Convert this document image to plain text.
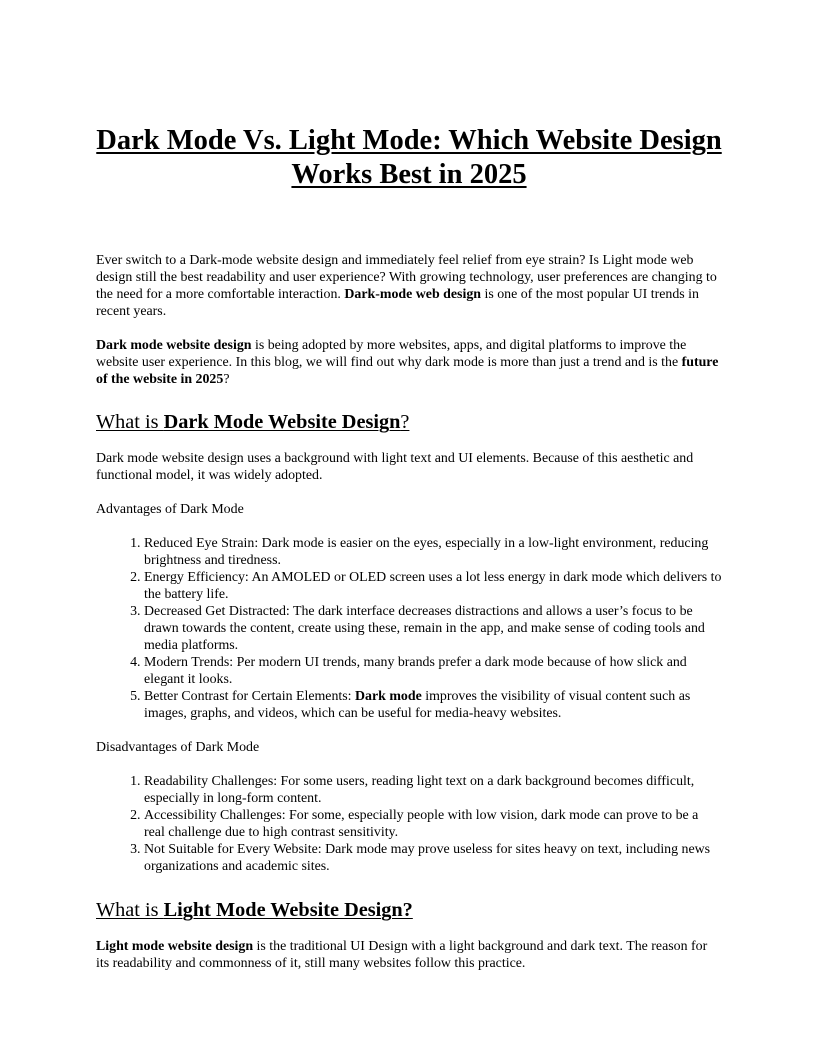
Dark Mode Vs. Light Mode: Which Website Design Works Best in 2025

Ever switch to a Dark-mode website design and immediately feel relief from eye strain? Is Light mode web design still the best readability and user experience? With growing technology, user preferences are changing to the need for a more comfortable interaction. Dark-mode web design is one of the most popular UI trends in recent years.

Dark mode website design is being adopted by more websites, apps, and digital platforms to improve the website user experience. In this blog, we will find out why dark mode is more than just a trend and is the future of the website in 2025?

What is Dark Mode Website Design?

Dark mode website design uses a background with light text and UI elements. Because of this aesthetic and functional model, it was widely adopted.

Advantages of Dark Mode

1. Reduced Eye Strain: Dark mode is easier on the eyes, especially in a low-light environment, reducing brightness and tiredness.
2. Energy Efficiency: An AMOLED or OLED screen uses a lot less energy in dark mode which delivers to the battery life.
3. Decreased Get Distracted: The dark interface decreases distractions and allows a user’s focus to be drawn towards the content, create using these, remain in the app, and make sense of coding tools and media platforms.
4. Modern Trends: Per modern UI trends, many brands prefer a dark mode because of how slick and elegant it looks.
5. Better Contrast for Certain Elements: Dark mode improves the visibility of visual content such as images, graphs, and videos, which can be useful for media-heavy websites.

Disadvantages of Dark Mode

1. Readability Challenges: For some users, reading light text on a dark background becomes difficult, especially in long-form content.
2. Accessibility Challenges: For some, especially people with low vision, dark mode can prove to be a real challenge due to high contrast sensitivity.
3. Not Suitable for Every Website: Dark mode may prove useless for sites heavy on text, including news organizations and academic sites.
What is Light Mode Website Design?

Light mode website design is the traditional UI Design with a light background and dark text. The reason for its readability and commonness of it, still many websites follow this practice.
